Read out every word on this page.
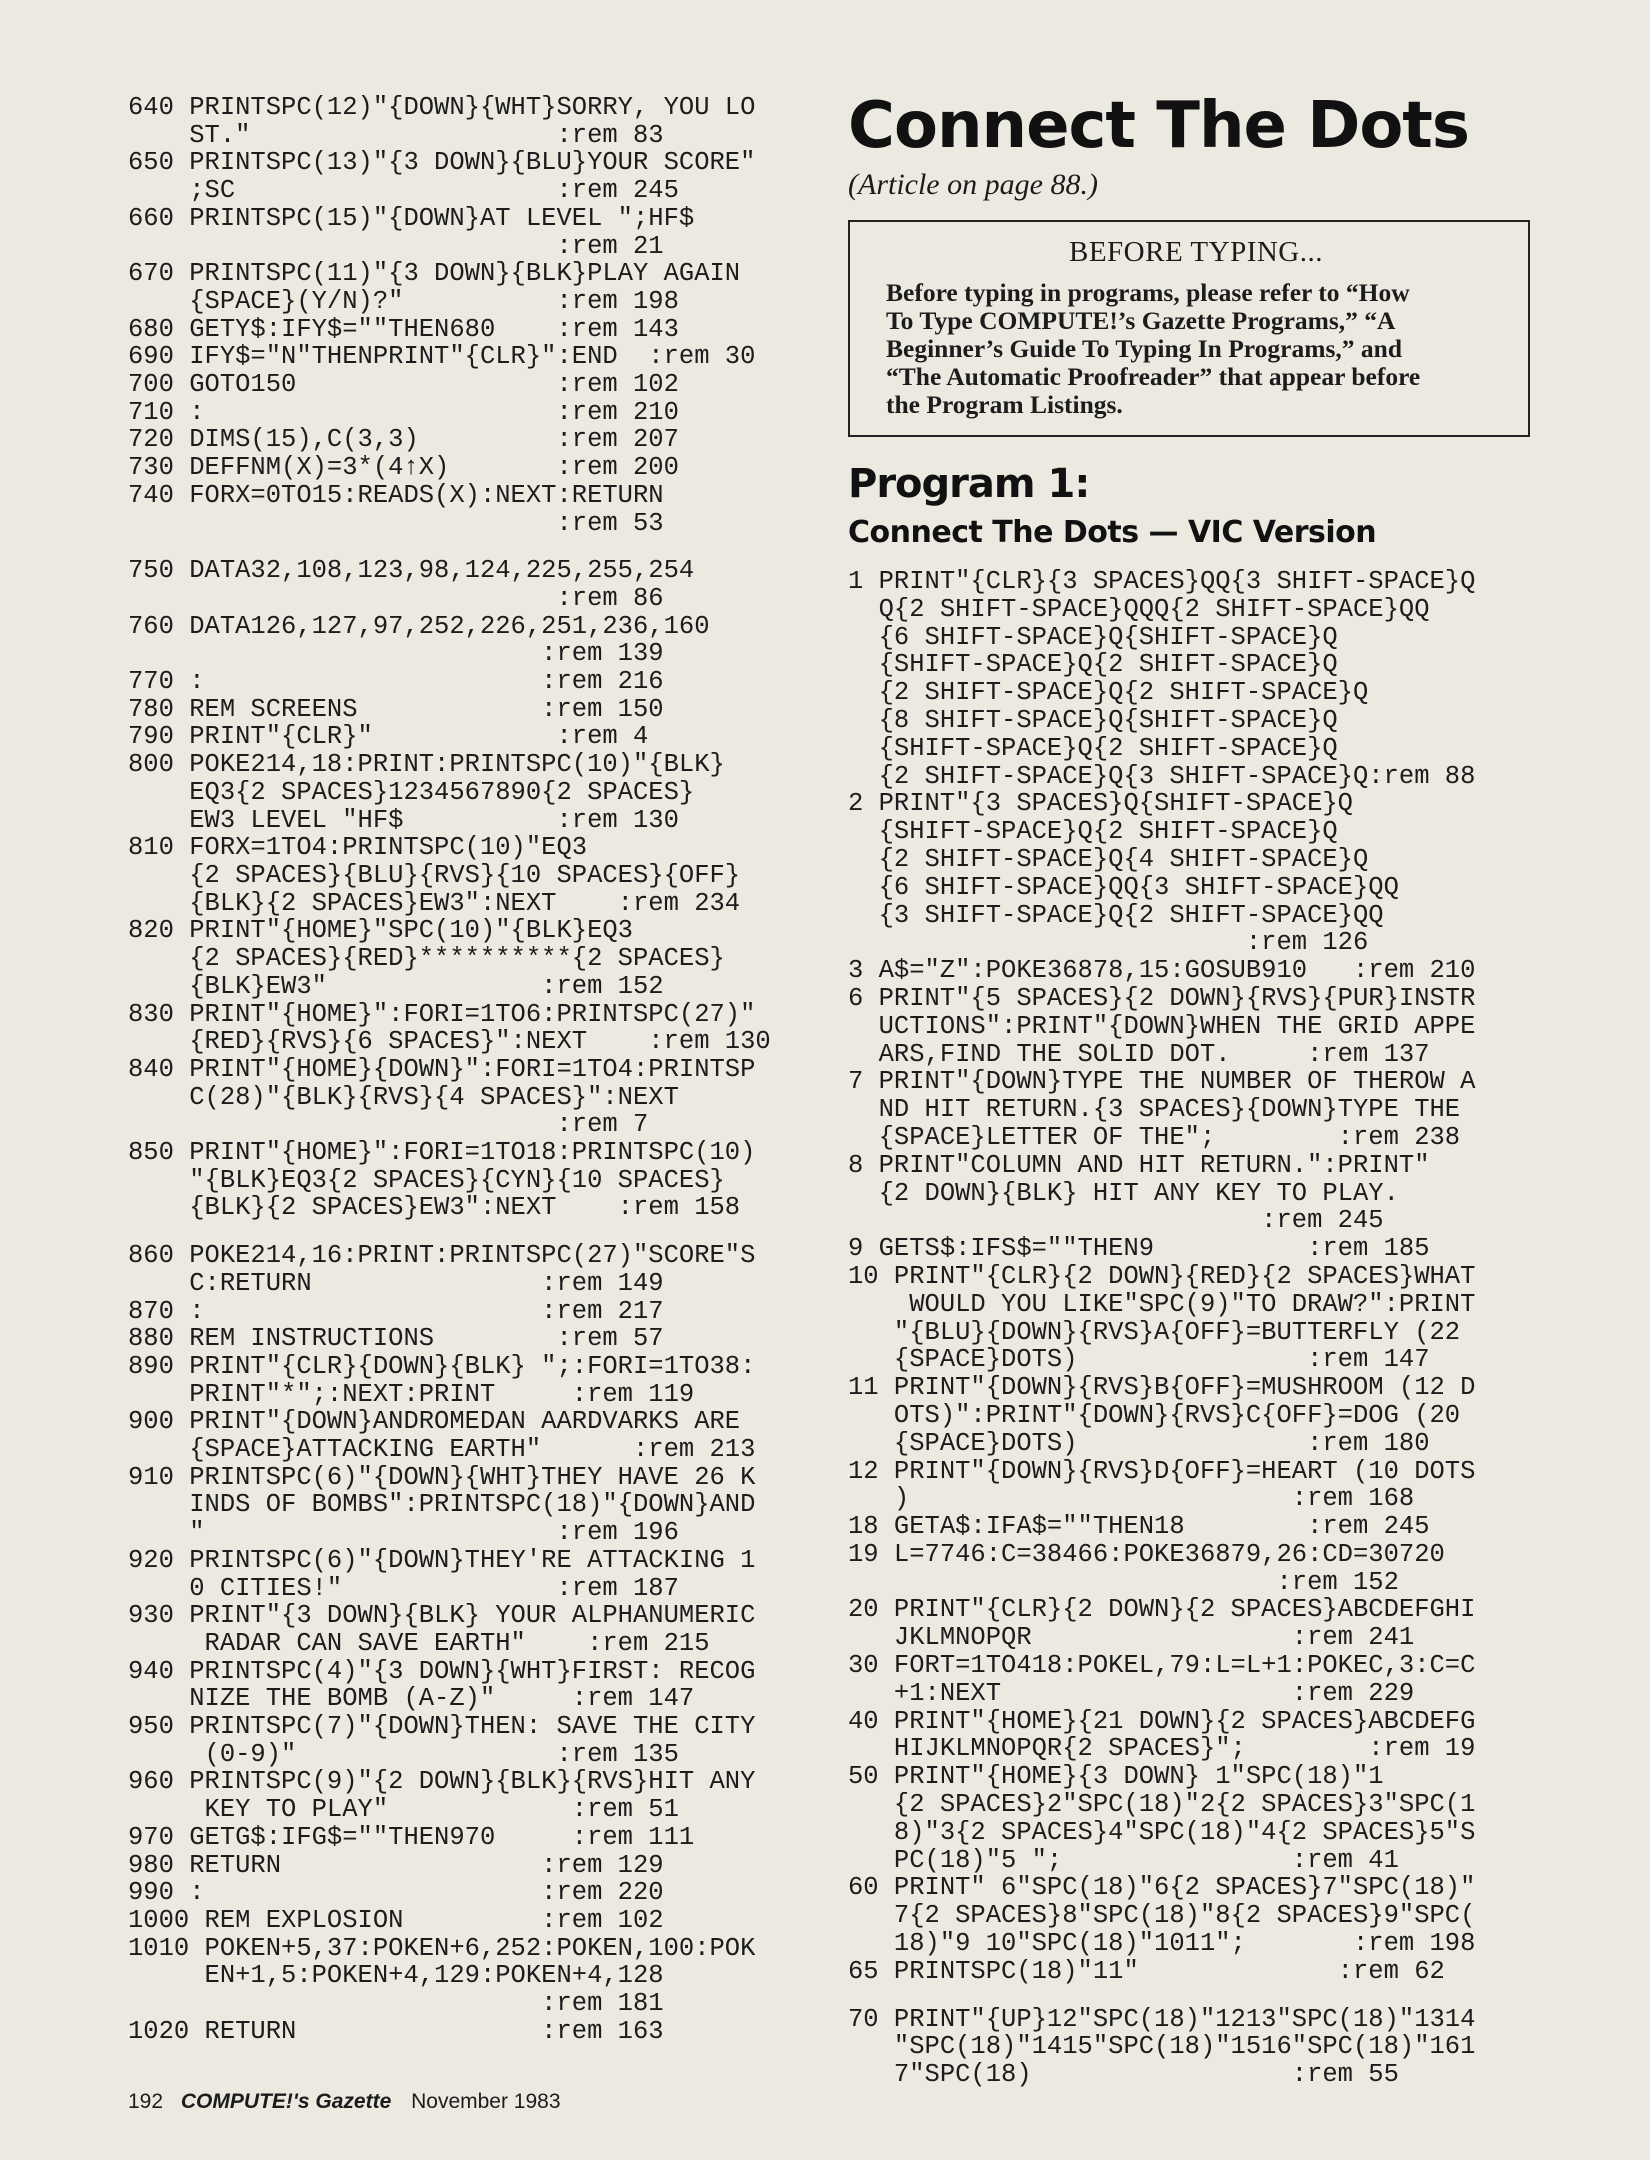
640 PRINTSPC(12)"{DOWN}{WHT}SORRY, YOU LO
ST."                    :rem 83
650 PRINTSPC(13)"{3 DOWN}{BLU}YOUR SCORE"
;SC                     :rem 245
660 PRINTSPC(15)"{DOWN}AT LEVEL ";HF$
:rem 21
670 PRINTSPC(11)"{3 DOWN}{BLK}PLAY AGAIN
{SPACE}(Y/N)?"          :rem 198
680 GETY$:IFY$=""THEN680    :rem 143
690 IFY$="N"THENPRINT"{CLR}":END  :rem 30
700 GOTO150                 :rem 102
710 :                       :rem 210
720 DIMS(15),C(3,3)         :rem 207
730 DEFFNM(X)=3*(4↑X)       :rem 200
740 FORX=0TO15:READS(X):NEXT:RETURN
:rem 53
750 DATA32,108,123,98,124,225,255,254
:rem 86
760 DATA126,127,97,252,226,251,236,160
:rem 139
770 :                      :rem 216
780 REM SCREENS            :rem 150
790 PRINT"{CLR}"            :rem 4
800 POKE214,18:PRINT:PRINTSPC(10)"{BLK}
EQ3{2 SPACES}1234567890{2 SPACES}
EW3 LEVEL "HF$          :rem 130
810 FORX=1TO4:PRINTSPC(10)"EQ3
{2 SPACES}{BLU}{RVS}{10 SPACES}{OFF}
{BLK}{2 SPACES}EW3":NEXT    :rem 234
820 PRINT"{HOME}"SPC(10)"{BLK}EQ3
{2 SPACES}{RED}**********{2 SPACES}
{BLK}EW3"              :rem 152
830 PRINT"{HOME}":FORI=1TO6:PRINTSPC(27)"
{RED}{RVS}{6 SPACES}":NEXT    :rem 130
840 PRINT"{HOME}{DOWN}":FORI=1TO4:PRINTSP
C(28)"{BLK}{RVS}{4 SPACES}":NEXT
:rem 7
850 PRINT"{HOME}":FORI=1TO18:PRINTSPC(10)
"{BLK}EQ3{2 SPACES}{CYN}{10 SPACES}
{BLK}{2 SPACES}EW3":NEXT    :rem 158
860 POKE214,16:PRINT:PRINTSPC(27)"SCORE"S
C:RETURN               :rem 149
870 :                      :rem 217
880 REM INSTRUCTIONS        :rem 57
890 PRINT"{CLR}{DOWN}{BLK} ";:FORI=1TO38:
PRINT"*";:NEXT:PRINT     :rem 119
900 PRINT"{DOWN}ANDROMEDAN AARDVARKS ARE
{SPACE}ATTACKING EARTH"      :rem 213
910 PRINTSPC(6)"{DOWN}{WHT}THEY HAVE 26 K
INDS OF BOMBS":PRINTSPC(18)"{DOWN}AND
"                       :rem 196
920 PRINTSPC(6)"{DOWN}THEY'RE ATTACKING 1
0 CITIES!"              :rem 187
930 PRINT"{3 DOWN}{BLK} YOUR ALPHANUMERIC
RADAR CAN SAVE EARTH"    :rem 215
940 PRINTSPC(4)"{3 DOWN}{WHT}FIRST: RECOG
NIZE THE BOMB (A-Z)"     :rem 147
950 PRINTSPC(7)"{DOWN}THEN: SAVE THE CITY
(0-9)"                 :rem 135
960 PRINTSPC(9)"{2 DOWN}{BLK}{RVS}HIT ANY
KEY TO PLAY"            :rem 51
970 GETG$:IFG$=""THEN970     :rem 111
980 RETURN                 :rem 129
990 :                      :rem 220
1000 REM EXPLOSION         :rem 102
1010 POKEN+5,37:POKEN+6,252:POKEN,100:POK
EN+1,5:POKEN+4,129:POKEN+4,128
:rem 181
1020 RETURN                :rem 163
Connect The Dots
(Article on page 88.)
BEFORE TYPING...
Before typing in programs, please refer to “How
To Type COMPUTE!’s Gazette Programs,” “A
Beginner’s Guide To Typing In Programs,” and
“The Automatic Proofreader” that appear before
the Program Listings.
Program 1:
Connect The Dots — VIC Version
1 PRINT"{CLR}{3 SPACES}QQ{3 SHIFT-SPACE}Q
Q{2 SHIFT-SPACE}QQQ{2 SHIFT-SPACE}QQ
{6 SHIFT-SPACE}Q{SHIFT-SPACE}Q
{SHIFT-SPACE}Q{2 SHIFT-SPACE}Q
{2 SHIFT-SPACE}Q{2 SHIFT-SPACE}Q
{8 SHIFT-SPACE}Q{SHIFT-SPACE}Q
{SHIFT-SPACE}Q{2 SHIFT-SPACE}Q
{2 SHIFT-SPACE}Q{3 SHIFT-SPACE}Q:rem 88
2 PRINT"{3 SPACES}Q{SHIFT-SPACE}Q
{SHIFT-SPACE}Q{2 SHIFT-SPACE}Q
{2 SHIFT-SPACE}Q{4 SHIFT-SPACE}Q
{6 SHIFT-SPACE}QQ{3 SHIFT-SPACE}QQ
{3 SHIFT-SPACE}Q{2 SHIFT-SPACE}QQ
:rem 126
3 A$="Z":POKE36878,15:GOSUB910   :rem 210
6 PRINT"{5 SPACES}{2 DOWN}{RVS}{PUR}INSTR
UCTIONS":PRINT"{DOWN}WHEN THE GRID APPE
ARS,FIND THE SOLID DOT.     :rem 137
7 PRINT"{DOWN}TYPE THE NUMBER OF THEROW A
ND HIT RETURN.{3 SPACES}{DOWN}TYPE THE
{SPACE}LETTER OF THE";        :rem 238
8 PRINT"COLUMN AND HIT RETURN.":PRINT"
{2 DOWN}{BLK} HIT ANY KEY TO PLAY.
:rem 245
9 GETS$:IFS$=""THEN9          :rem 185
10 PRINT"{CLR}{2 DOWN}{RED}{2 SPACES}WHAT
WOULD YOU LIKE"SPC(9)"TO DRAW?":PRINT
"{BLU}{DOWN}{RVS}A{OFF}=BUTTERFLY (22
{SPACE}DOTS)               :rem 147
11 PRINT"{DOWN}{RVS}B{OFF}=MUSHROOM (12 D
OTS)":PRINT"{DOWN}{RVS}C{OFF}=DOG (20
{SPACE}DOTS)               :rem 180
12 PRINT"{DOWN}{RVS}D{OFF}=HEART (10 DOTS
)                         :rem 168
18 GETA$:IFA$=""THEN18        :rem 245
19 L=7746:C=38466:POKE36879,26:CD=30720
:rem 152
20 PRINT"{CLR}{2 DOWN}{2 SPACES}ABCDEFGHI
JKLMNOPQR                 :rem 241
30 FORT=1TO418:POKEL,79:L=L+1:POKEC,3:C=C
+1:NEXT                   :rem 229
40 PRINT"{HOME}{21 DOWN}{2 SPACES}ABCDEFG
HIJKLMNOPQR{2 SPACES}";        :rem 19
50 PRINT"{HOME}{3 DOWN} 1"SPC(18)"1
{2 SPACES}2"SPC(18)"2{2 SPACES}3"SPC(1
8)"3{2 SPACES}4"SPC(18)"4{2 SPACES}5"S
PC(18)"5 ";               :rem 41
60 PRINT" 6"SPC(18)"6{2 SPACES}7"SPC(18)"
7{2 SPACES}8"SPC(18)"8{2 SPACES}9"SPC(
18)"9 10"SPC(18)"1011";       :rem 198
65 PRINTSPC(18)"11"             :rem 62
70 PRINT"{UP}12"SPC(18)"1213"SPC(18)"1314
"SPC(18)"1415"SPC(18)"1516"SPC(18)"161
7"SPC(18)                 :rem 55
192 COMPUTE!'s Gazette November 1983
